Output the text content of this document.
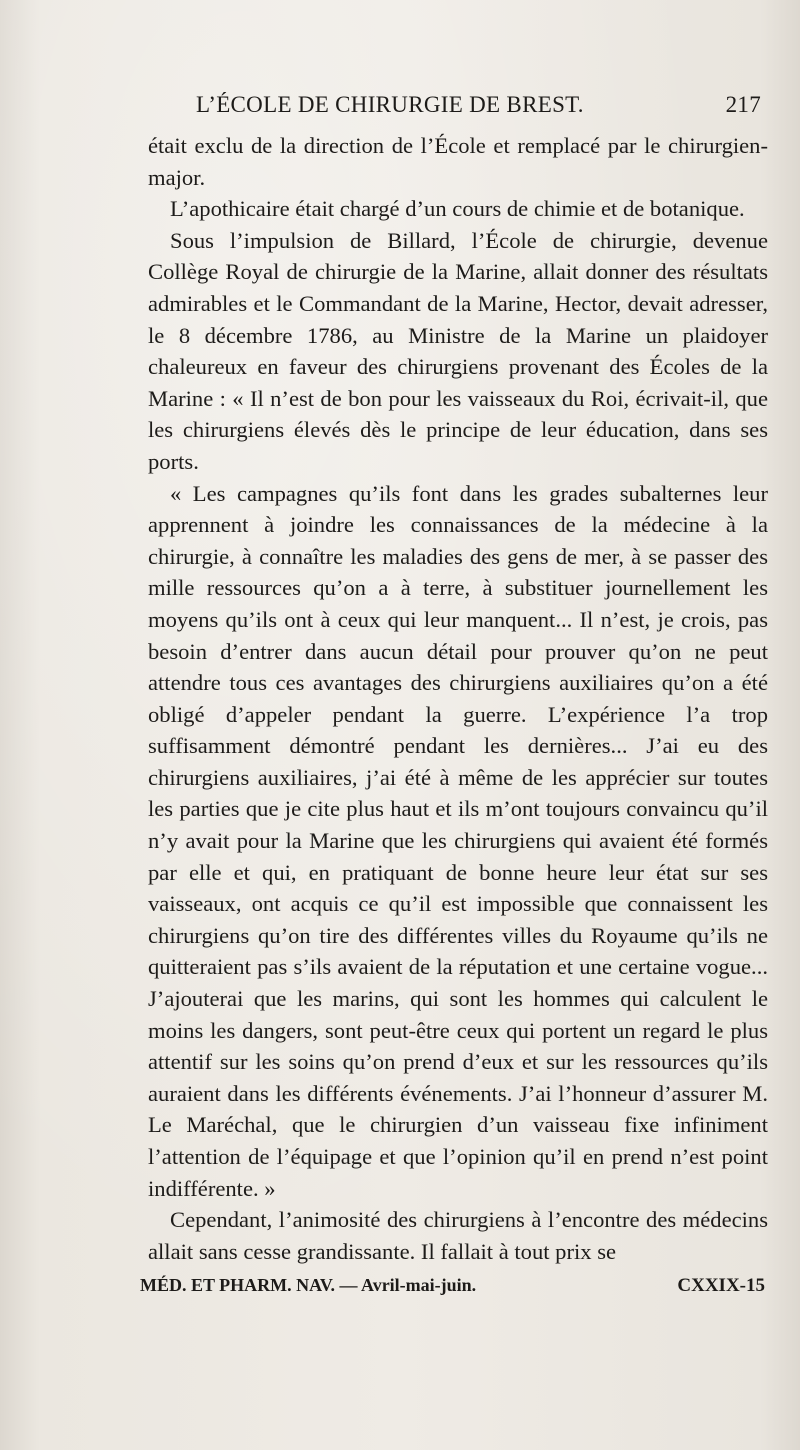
L’ÉCOLE DE CHIRURGIE DE BREST.	217

était exclu de la direction de l’École et remplacé par le chirurgien-major.

L’apothicaire était chargé d’un cours de chimie et de botanique.

Sous l’impulsion de Billard, l’École de chirurgie, devenue Collège Royal de chirurgie de la Marine, allait donner des résultats admirables et le Commandant de la Marine, Hector, devait adresser, le 8 décembre 1786, au Ministre de la Marine un plaidoyer chaleureux en faveur des chirurgiens provenant des Écoles de la Marine : « Il n’est de bon pour les vaisseaux du Roi, écrivait-il, que les chirurgiens élevés dès le principe de leur éducation, dans ses ports.

« Les campagnes qu’ils font dans les grades subalternes leur apprennent à joindre les connaissances de la médecine à la chirurgie, à connaître les maladies des gens de mer, à se passer des mille ressources qu’on a à terre, à substituer journellement les moyens qu’ils ont à ceux qui leur manquent... Il n’est, je crois, pas besoin d’entrer dans aucun détail pour prouver qu’on ne peut attendre tous ces avantages des chirurgiens auxiliaires qu’on a été obligé d’appeler pendant la guerre. L’expérience l’a trop suffisamment démontré pendant les dernières... J’ai eu des chirurgiens auxiliaires, j’ai été à même de les apprécier sur toutes les parties que je cite plus haut et ils m’ont toujours convaincu qu’il n’y avait pour la Marine que les chirurgiens qui avaient été formés par elle et qui, en pratiquant de bonne heure leur état sur ses vaisseaux, ont acquis ce qu’il est impossible que connaissent les chirurgiens qu’on tire des différentes villes du Royaume qu’ils ne quitteraient pas s’ils avaient de la réputation et une certaine vogue... J’ajouterai que les marins, qui sont les hommes qui calculent le moins les dangers, sont peut-être ceux qui portent un regard le plus attentif sur les soins qu’on prend d’eux et sur les ressources qu’ils auraient dans les différents événements. J’ai l’honneur d’assurer M. Le Maréchal, que le chirurgien d’un vaisseau fixe infiniment l’attention de l’équipage et que l’opinion qu’il en prend n’est point indifférente. »

Cependant, l’animosité des chirurgiens à l’encontre des médecins allait sans cesse grandissante. Il fallait à tout prix se

MÉD. ET PHARM. NAV. — Avril-mai-juin.	CXXIX-15
